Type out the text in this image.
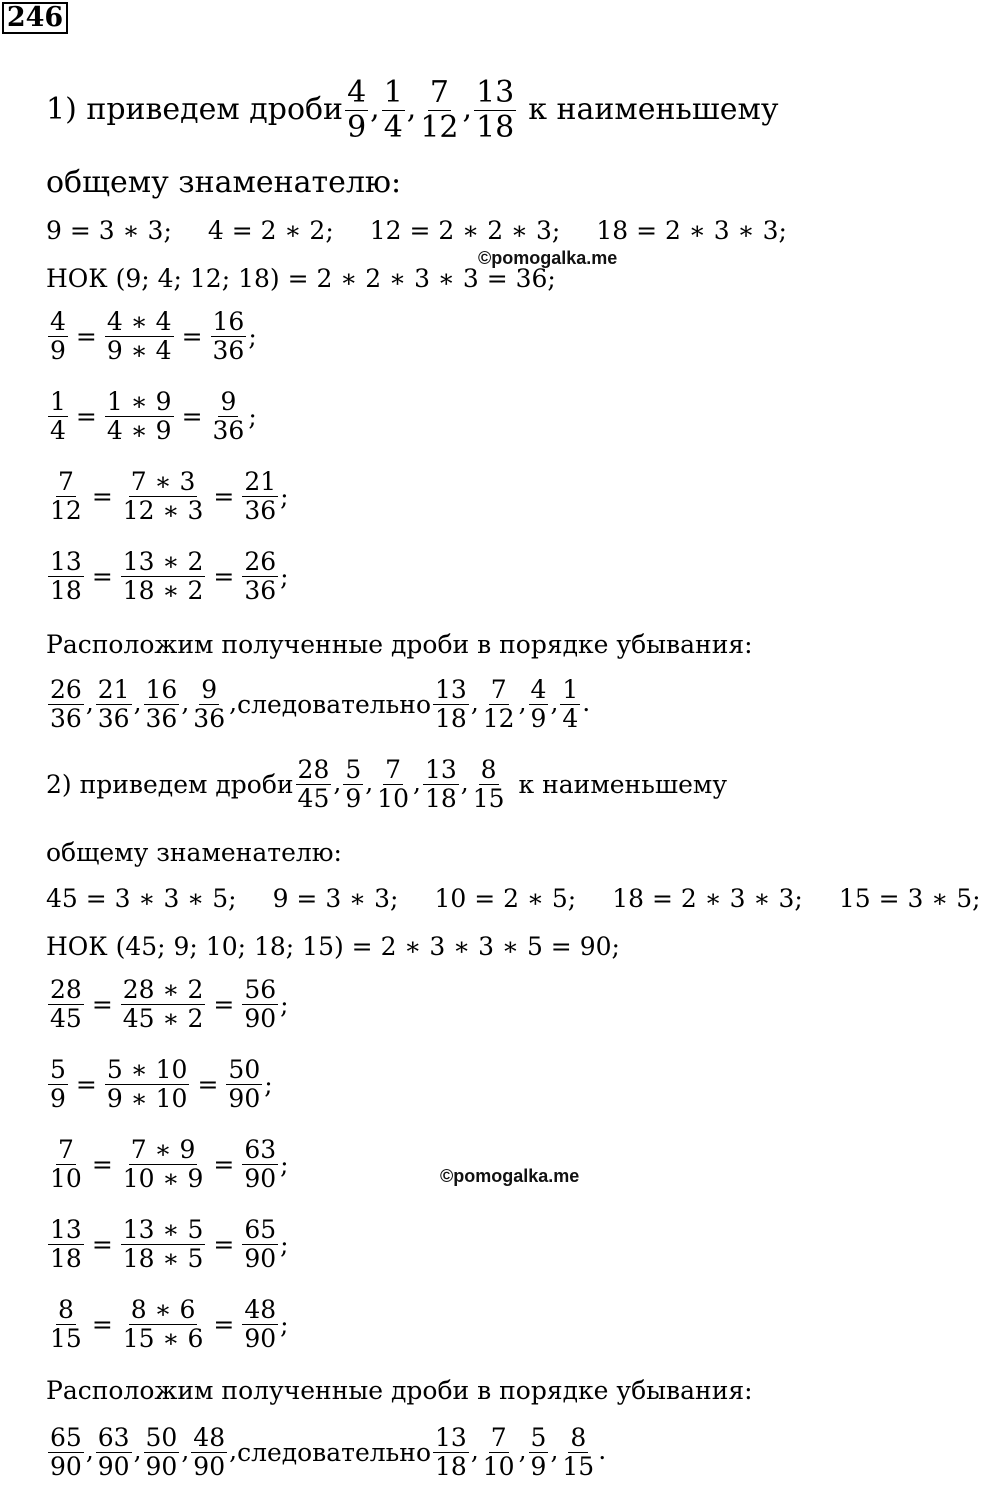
246
1) приведем дроби $\frac{4}{9}$ , $\frac{1}{4}$ , $\frac{7}{12}$ , $\frac{13}{18}$ к наименьшему
общему знаменателю:
9 = 3 ∗ 3; 4 = 2 ∗ 2; 12 = 2 ∗ 2 ∗ 3; 18 = 2 ∗ 3 ∗ 3;
НОК (9; 4; 12; 18) = 2 ∗ 2 ∗ 3 ∗ 3 = 36;
$\frac{4}{9} = \frac{4 ∗ 4}{9 ∗ 4} = \frac{16}{36}$ ;
$\frac{1}{4} = \frac{1 ∗ 9}{4 ∗ 9} = \frac{9}{36}$ ;
$\frac{7}{12} = \frac{7 ∗ 3}{12 ∗ 3} = \frac{21}{36}$ ;
$\frac{13}{18} = \frac{13 ∗ 2}{18 ∗ 2} = \frac{26}{36}$ ;
Расположим полученные дроби в порядке убывания:
$\frac{26}{36}$ , $\frac{21}{36}$ , $\frac{16}{36}$ , $\frac{9}{36}$ , следовательно $\frac{13}{18}$ , $\frac{7}{12}$ , $\frac{4}{9}$ , $\frac{1}{4}$ .
2) приведем дроби $\frac{28}{45}$ , $\frac{5}{9}$ , $\frac{7}{10}$ , $\frac{13}{18}$ , $\frac{8}{15}$ к наименьшему
общему знаменателю:
45 = 3 ∗ 3 ∗ 5; 9 = 3 ∗ 3; 10 = 2 ∗ 5; 18 = 2 ∗ 3 ∗ 3; 15 = 3 ∗ 5;
НОК (45; 9; 10; 18; 15) = 2 ∗ 3 ∗ 3 ∗ 5 = 90;
$\frac{28}{45} = \frac{28 ∗ 2}{45 ∗ 2} = \frac{56}{90}$ ;
$\frac{5}{9} = \frac{5 ∗ 10}{9 ∗ 10} = \frac{50}{90}$ ;
$\frac{7}{10} = \frac{7 ∗ 9}{10 ∗ 9} = \frac{63}{90}$ ;
$\frac{13}{18} = \frac{13 ∗ 5}{18 ∗ 5} = \frac{65}{90}$ ;
$\frac{8}{15} = \frac{8 ∗ 6}{15 ∗ 6} = \frac{48}{90}$ ;
Расположим полученные дроби в порядке убывания:
$\frac{65}{90}$ , $\frac{63}{90}$ , $\frac{50}{90}$ , $\frac{48}{90}$ , следовательно $\frac{13}{18}$ , $\frac{7}{10}$ , $\frac{5}{9}$ , $\frac{8}{15}$ .
©pomogalka.me
©pomogalka.me
